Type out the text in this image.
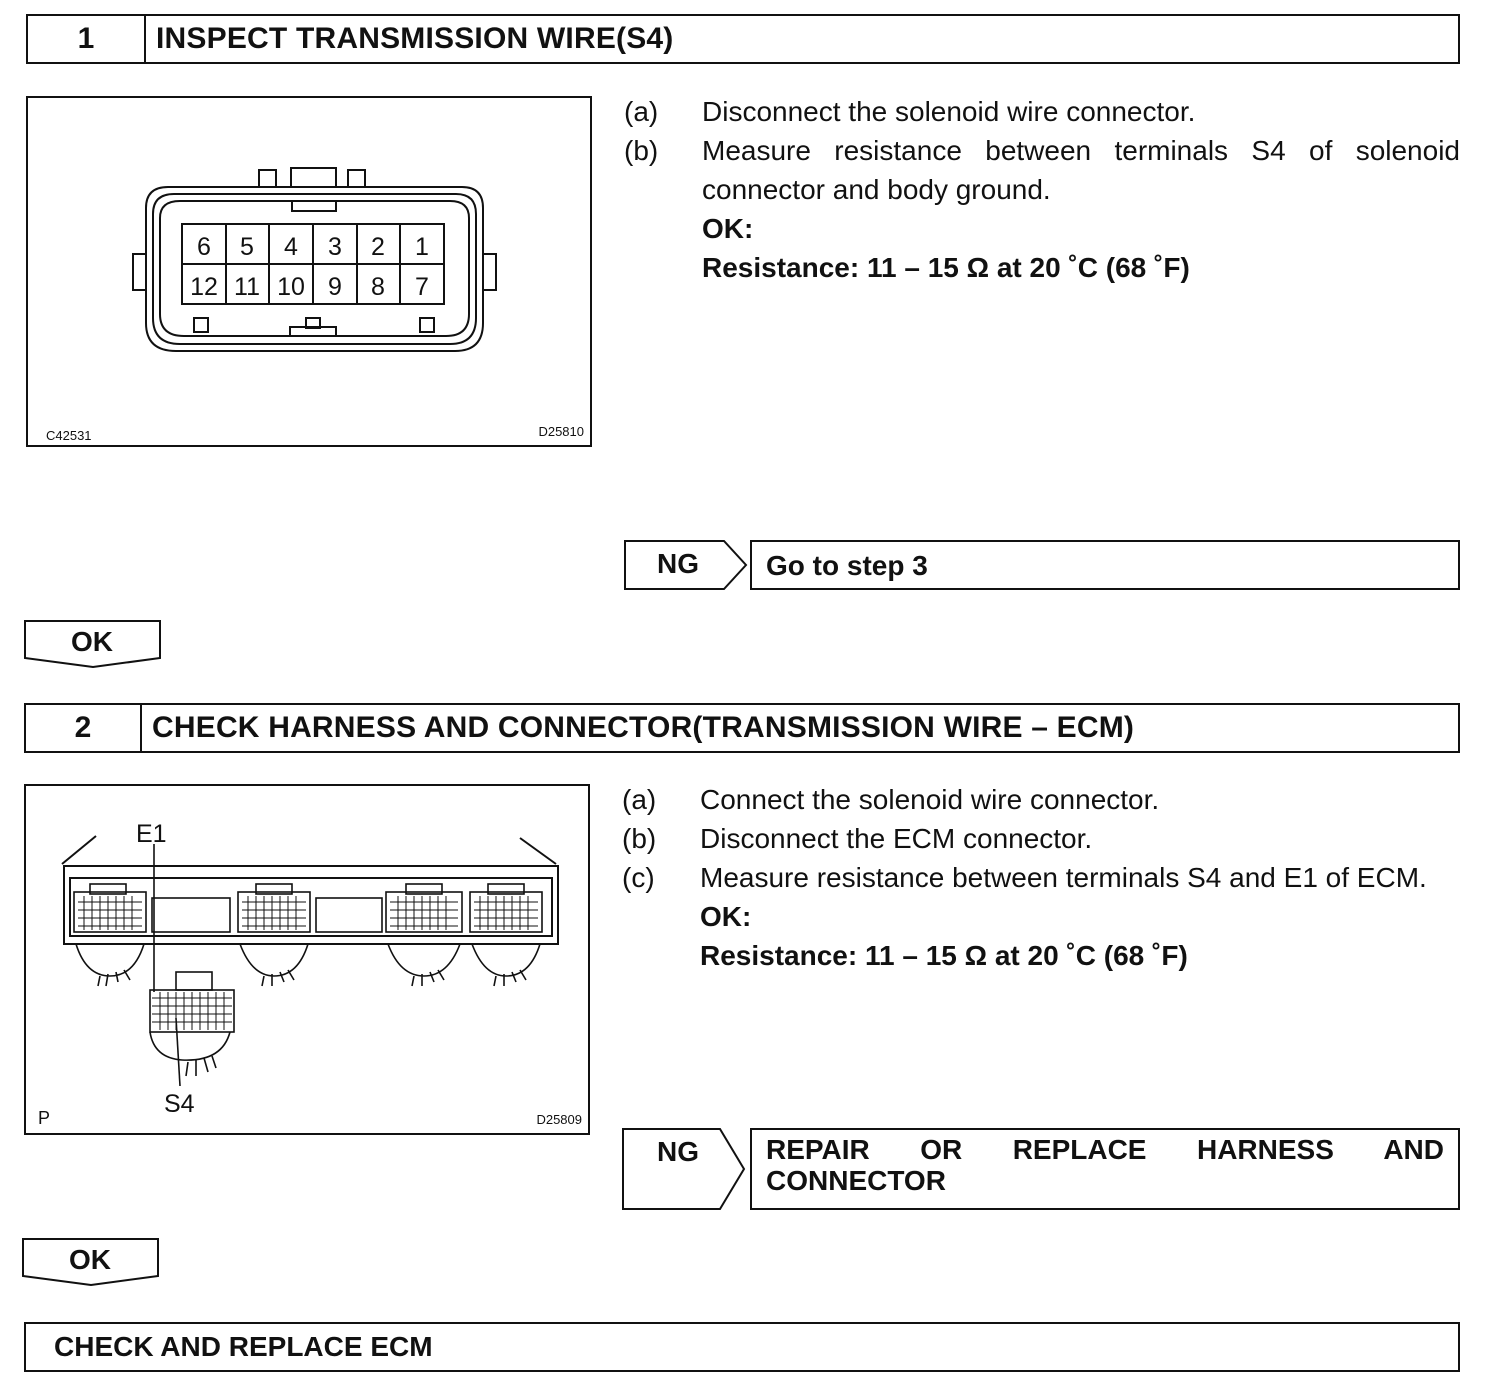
1	INSPECT TRANSMISSION WIRE(S4)
6 5 4 3 2 1
12 11 10 9 8 7
C42531	D25810
(a)	Disconnect the solenoid wire connector.
(b)	Measure resistance between terminals S4 of solenoid connector and body ground.
OK:
Resistance: 11 – 15 Ω at 20 ˚C (68 ˚F)
NG	Go to step 3
OK
2	CHECK HARNESS AND CONNECTOR(TRANSMISSION WIRE – ECM)
E1
S4
P	D25809
(a)	Connect the solenoid wire connector.
(b)	Disconnect the ECM connector.
(c)	Measure resistance between terminals S4 and E1 of ECM.
OK:
Resistance: 11 – 15 Ω at 20 ˚C (68 ˚F)
NG	REPAIR OR REPLACE HARNESS AND CONNECTOR
OK
CHECK AND REPLACE ECM
